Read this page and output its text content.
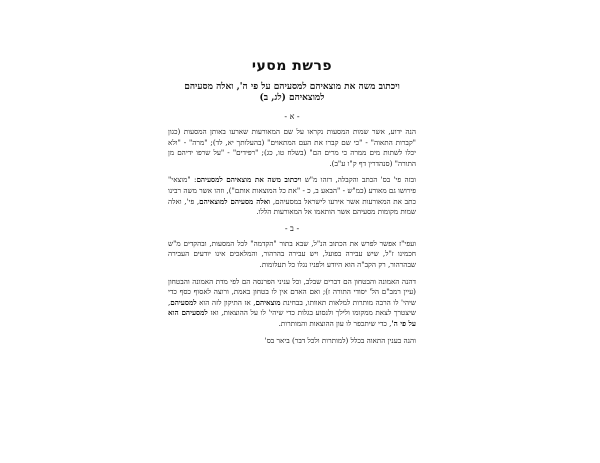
פרשת מסעי
ויכתוב משה את מוצאיהם למסעיהם על פי ה', ואלה מסעיהם למוצאיהם (לג, ב)
- א -

הנה ידוע, אשר שמות המסעות נקראו על שם המאורעות שארעו באותן המסעות (כגון "קברות התאוה" - "כי שם קברו את העם המתאוים" (בהעלותך יא, לד); "מרה" - "ולא יכלו לשתות מים ממרה כי מרים הם" (בשלח טו, כג); "רפידים" - "על שרפו ידיהם מן התורה" (סנהדרין דף ק"ו ע"ב).

ובזה פי' בס' הכתב והקבלה, דזהו מ"ש ויכתוב משה את מוצאיהם למסעיהם: "מוצאי" פירושו גם מאורע (כמ"ש - "הבאע ב, כ - "את כל המוצאות אותם"), וזהו אשר משה רבינו כתב את המאורעות אשר אירעו לישראל במסעיהם, ואלה מסעיהם למוצאיהם, פי', ואלה שמות מקומות מסעיהם אשר הותאמו אל המאורעות הללו.

- ב -

ועפי"ז אפשר לפרש את הכתוב הנ"ל, שבא בתור "הקדמה" לכל המסעות, ובהקדים מ"ש חכמינו ז"ל, שיש עבירה בפועל, ויש עבירה בהרהור, והמלאכים אינו יודעים העבירה שבהרהור, רק הקב"ה הוא היודע ולפניו נגלו כל תעלומות.

דהנה האמונה והבטחון הם דברים שבלב, וכל עניני הפרנסה הם לפי מדת האמונה והבטחון (עיין רמב"ם הל' יסודי התורה ז); ואם האדם אין לו בטחון באמת, ורוצה לאסוף כסף כדי שיהי' לו הרבה מותרות למלאות תאוותו, בבחינת מוצאיהם, אז התיקון לזה הוא למסעיהם, שיצטרך לצאת ממקומו ולילך ולנסוע בגלות כדי שיהי' לו על ההוצאות, ואז למסעיהם הוא על פי ה', כדי שיתכפר לו עון ההוצאות והמותרות.

והנה בענין התאוה בכלל (למותרות ולכל דבר) ביאר בס'
